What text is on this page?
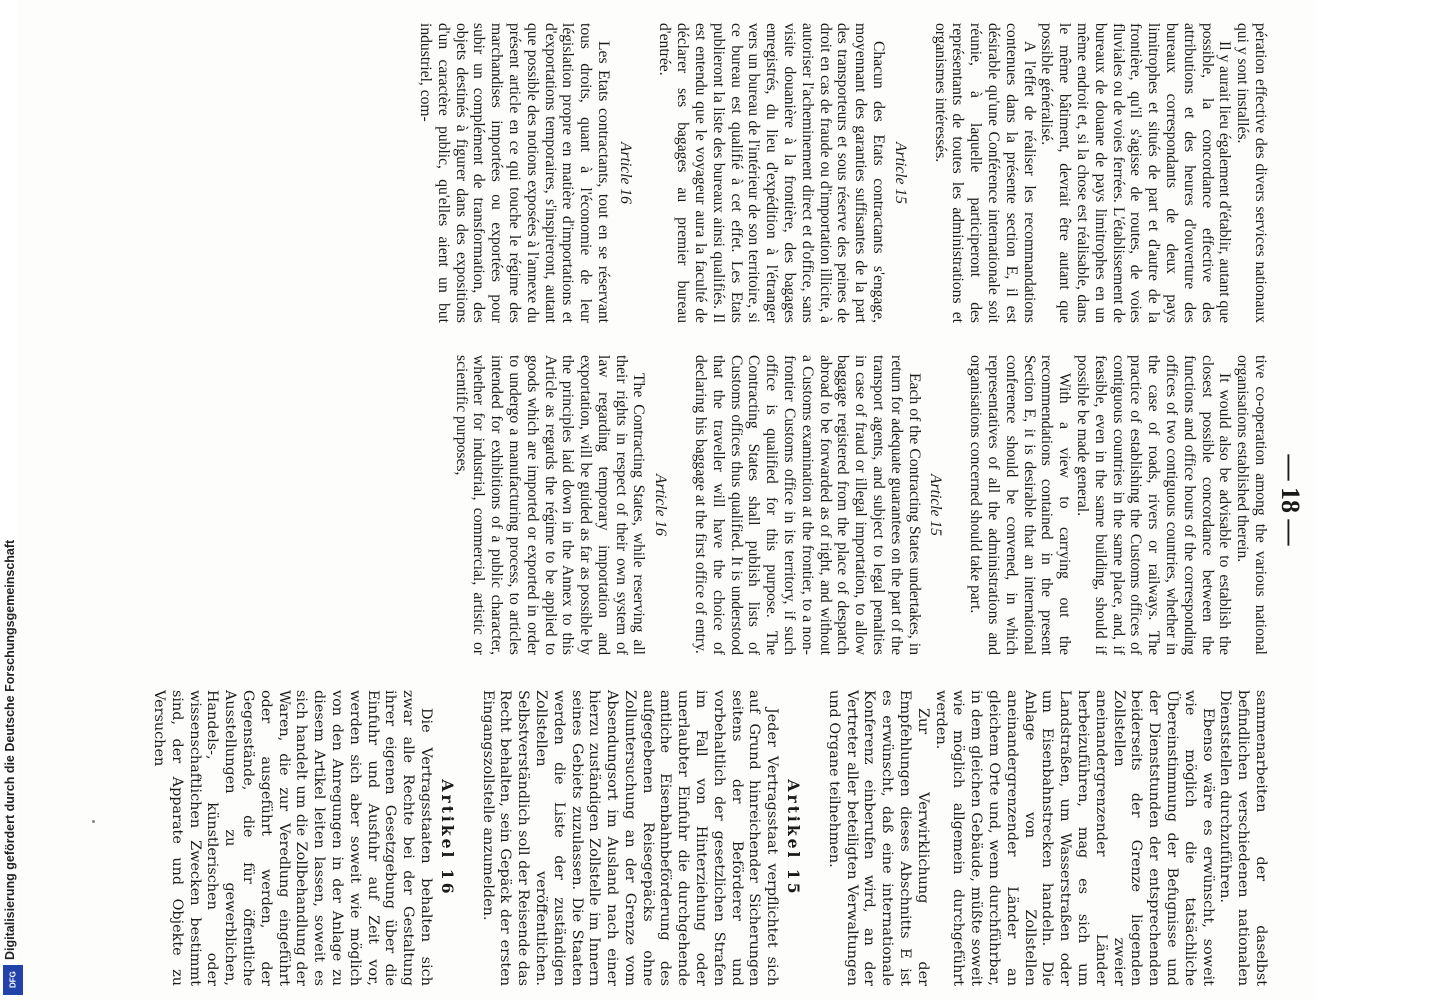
— 18 —

pération effective des divers services nationaux qui y sont installés.

Il y aurait lieu également d'établir, autant que possible, la concordance effective des attributions et des heures d'ouverture des bureaux correspondants de deux pays limitrophes et situés de part et d'autre de la frontière, qu'il s'agisse de routes, de voies fluviales ou de voies ferrées. L'établissement de bureaux de douane de pays limitrophes en un même endroit et, si la chose est réalisable, dans le même bâtiment, devrait être autant que possible généralisé.

A l'effet de réaliser les recommandations contenues dans la présente section E, il est désirable qu'une Conférence internationale soit réunie, à laquelle participeront des représentants de toutes les administrations et organismes intéressés.

Article 15

Chacun des Etats contractants s'engage, moyennant des garanties suffisantes de la part des transporteurs et sous réserve des peines de droit en cas de fraude ou d'importation illicite, à autoriser l'acheminement direct et d'office, sans visite douanière à la frontière, des bagages enregistrés, du lieu d'expédition à l'étranger vers un bureau de l'intérieur de son territoire, si ce bureau est qualifié à cet effet. Les Etats publieront la liste des bureaux ainsi qualifiés. Il est entendu que le voyageur aura la faculté de déclarer ses bagages au premier bureau d'entrée.

Article 16

Les Etats contractants, tout en se réservant tous droits, quant à l'économie de leur législation propre en matière d'importations et d'exportations temporaires, s'inspireront, autant que possible des notions exposées à l'annexe du présent article en ce qui touche le régime des marchandises importées ou exportées pour subir un complément de transformation, des objets destinés à figurer dans des expositions d'un caractère public, qu'elles aient un but industriel, com-

tive co-operation among the various national organisations established therein.

It would also be advisable to establish the closest possible concordance between the functions and office hours of the corresponding offices of two contiguous countries, whether in the case of roads, rivers or railways. The practice of establishing the Customs offices of contiguous countries in the same place, and, if feasible, even in the same building, should if possible be made general.

With a view to carrying out the recommendations contained in the present Section E, it is desirable that an international conference should be convened, in which representatives of all the administrations and organisations concerned should take part.

Article 15

Each of the Contracting States undertakes, in return for adequate guarantees on the part of the transport agents, and subject to legal penalties in case of fraud or illegal importation, to allow baggage registered from the place of despatch abroad to be forwarded as of right, and without a Customs examination at the frontier, to a non-frontier Customs office in its territory, if such office is qualified for this purpose. The Contracting States shall publish lists of Customs offices thus qualified. It is understood that the traveller will have the choice of declaring his baggage at the first office of entry.

Article 16

The Contracting States, while reserving all their rights in respect of their own system of law regarding temporary importation and exportation, will be guided as far as possible by the principles laid down in the Annex to this Article as regards the régime to be applied to goods which are imported or exported in order to undergo a manufacturing process, to articles intended for exhibitions of a public character, whether for industrial, commercial, artistic or scientific purposes,

sammenarbeiten der daselbst befindlichen verschiedenen nationalen Dienststellen durchzuführen.

Ebenso wäre es erwünscht, soweit wie möglich die tatsächliche Übereinstimmung der Befugnisse und der Dienststunden der entsprechenden beiderseits der Grenze liegenden Zollstellen zweier aneinandergrenzender Länder herbeizuführen, mag es sich um Landstraßen, um Wasserstraßen oder um Eisenbahnstrecken handeln. Die Anlage von Zollstellen aneinandergrenzender Länder an gleichem Orte und, wenn durchführbar, in dem gleichen Gebäude, müßte soweit wie möglich allgemein durchgeführt werden.

Zur Verwirklichung der Empfehlungen dieses Abschnitts E ist es erwünscht, daß eine internationale Konferenz einberufen wird, an der Vertreter aller beteiligten Verwaltungen und Organe teilnehmen.

Artikel 15

Jeder Vertragsstaat verpflichtet sich auf Grund hinreichender Sicherungen seitens der Beförderer und vorbehaltlich der gesetzlichen Strafen im Fall von Hinterziehung oder unerlaubter Einfuhr die durchgehende amtliche Eisenbahnbeförderung des aufgegebenen Reisegepäcks ohne Zolluntersuchung an der Grenze vom Absendungsort im Ausland nach einer hierzu zuständigen Zollstelle im Innern seines Gebiets zuzulassen. Die Staaten werden die Liste der zuständigen Zollstellen veröffentlichen. Selbstverständlich soll der Reisende das Recht behalten, sein Gepäck der ersten Eingangszollstelle anzumelden.

Artikel 16

Die Vertragsstaaten behalten sich zwar alle Rechte bei der Gestaltung ihrer eigenen Gesetzgebung über die Einfuhr und Ausfuhr auf Zeit vor, werden sich aber soweit wie möglich von den Anregungen in der Anlage zu diesem Artikel leiten lassen, soweit es sich handelt um die Zollbehandlung der Waren, die zur Veredlung eingeführt oder ausgeführt werden, der Gegenstände, die für öffentliche Ausstellungen zu gewerblichen, Handels-, künstlerischen oder wissenschaftlichen Zwecken bestimmt sind, der Apparate und Objekte zu Versuchen

Digitalisierung gefördert durch die Deutsche Forschungsgemeinschaft
DFG
